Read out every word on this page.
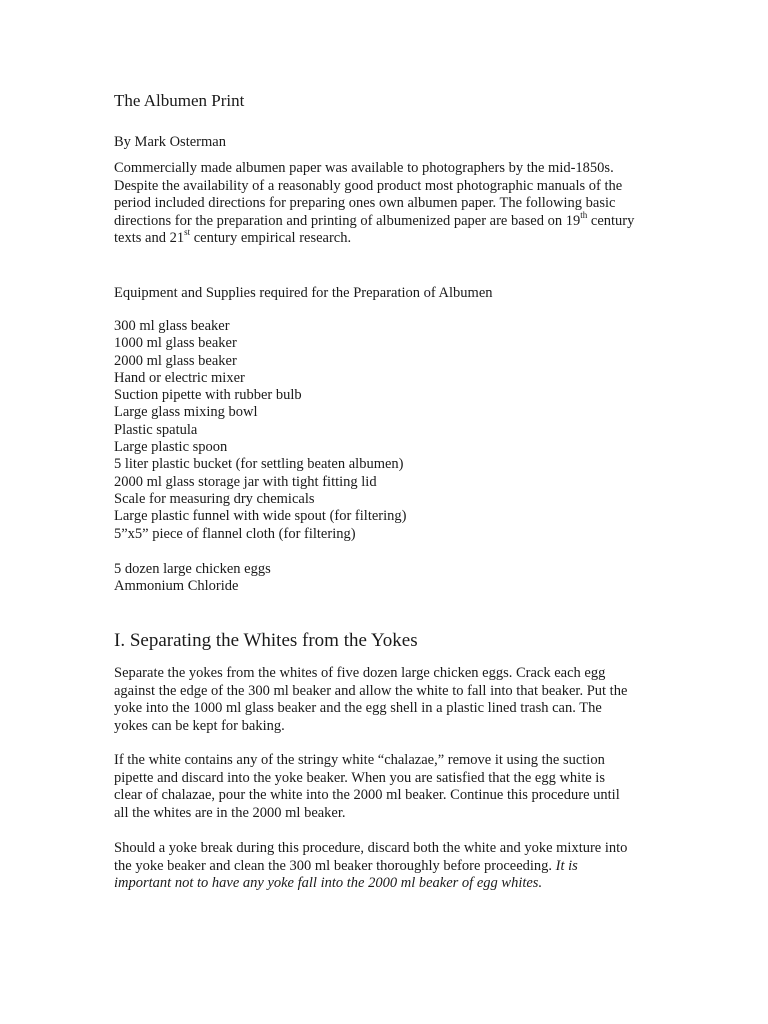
The Albumen Print
By Mark Osterman

Commercially made albumen paper was available to photographers by the mid-1850s.
Despite the availability of a reasonably good product most photographic manuals of the
period included directions for preparing ones own albumen paper. The following basic
directions for the preparation and printing of albumenized paper are based on 19th century
texts and 21st century empirical research.

Equipment and Supplies required for the Preparation of Albumen
300 ml glass beaker
1000 ml glass beaker
2000 ml glass beaker
Hand or electric mixer
Suction pipette with rubber bulb
Large glass mixing bowl
Plastic spatula
Large plastic spoon
5 liter plastic bucket (for settling beaten albumen)
2000 ml glass storage jar with tight fitting lid
Scale for measuring dry chemicals
Large plastic funnel with wide spout (for filtering)
5”x5” piece of flannel cloth (for filtering)
5 dozen large chicken eggs
Ammonium Chloride
I. Separating the Whites from the Yokes

Separate the yokes from the whites of five dozen large chicken eggs. Crack each egg
against the edge of the 300 ml beaker and allow the white to fall into that beaker. Put the
yoke into the 1000 ml glass beaker and the egg shell in a plastic lined trash can. The
yokes can be kept for baking.

If the white contains any of the stringy white “chalazae,” remove it using the suction
pipette and discard into the yoke beaker. When you are satisfied that the egg white is
clear of chalazae, pour the white into the 2000 ml beaker. Continue this procedure until
all the whites are in the 2000 ml beaker.

Should a yoke break during this procedure, discard both the white and yoke mixture into
the yoke beaker and clean the 300 ml beaker thoroughly before proceeding. It is
important not to have any yoke fall into the 2000 ml beaker of egg whites.
